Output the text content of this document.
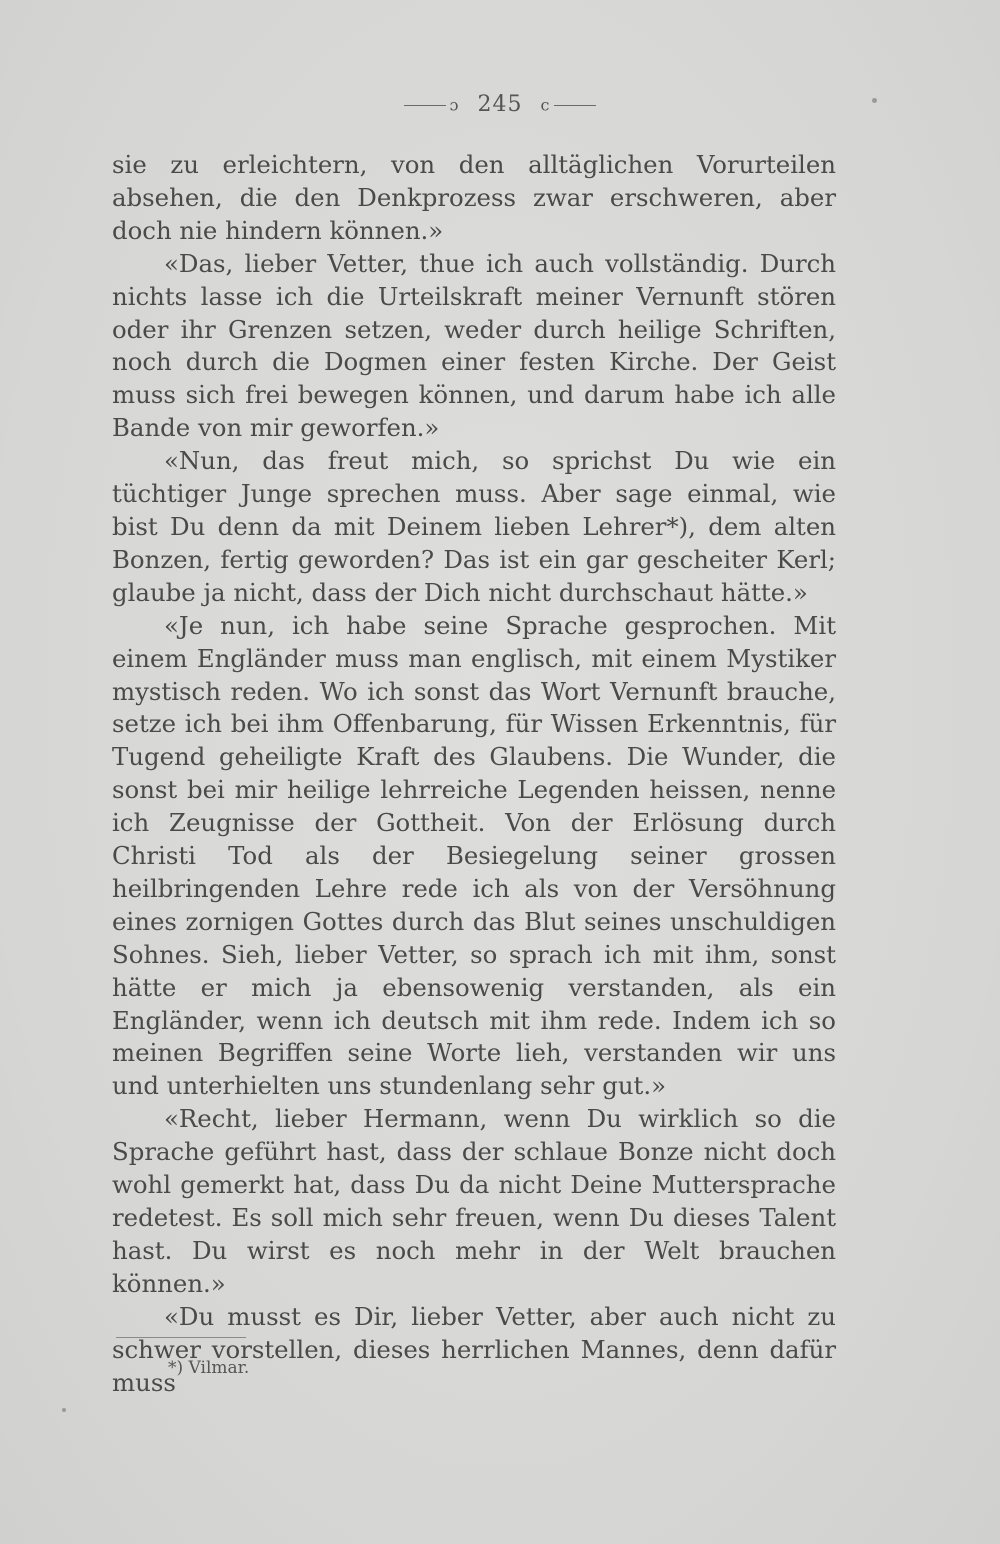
ɔ 245 c

sie zu erleichtern, von den alltäglichen Vorurteilen absehen, die den Denkprozess zwar erschweren, aber doch nie hindern können.»

«Das, lieber Vetter, thue ich auch vollständig. Durch nichts lasse ich die Urteilskraft meiner Vernunft stören oder ihr Grenzen setzen, weder durch heilige Schriften, noch durch die Dogmen einer festen Kirche. Der Geist muss sich frei bewegen können, und darum habe ich alle Bande von mir geworfen.»

«Nun, das freut mich, so sprichst Du wie ein tüchtiger Junge sprechen muss. Aber sage einmal, wie bist Du denn da mit Deinem lieben Lehrer*), dem alten Bonzen, fertig geworden? Das ist ein gar gescheiter Kerl; glaube ja nicht, dass der Dich nicht durchschaut hätte.»

«Je nun, ich habe seine Sprache gesprochen. Mit einem Engländer muss man englisch, mit einem Mystiker mystisch reden. Wo ich sonst das Wort Vernunft brauche, setze ich bei ihm Offenbarung, für Wissen Erkenntnis, für Tugend geheiligte Kraft des Glaubens. Die Wunder, die sonst bei mir heilige lehrreiche Legenden heissen, nenne ich Zeugnisse der Gottheit. Von der Erlösung durch Christi Tod als der Besiegelung seiner grossen heilbringenden Lehre rede ich als von der Versöhnung eines zornigen Gottes durch das Blut seines unschuldigen Sohnes. Sieh, lieber Vetter, so sprach ich mit ihm, sonst hätte er mich ja ebensowenig verstanden, als ein Engländer, wenn ich deutsch mit ihm rede. Indem ich so meinen Begriffen seine Worte lieh, verstanden wir uns und unterhielten uns stundenlang sehr gut.»

«Recht, lieber Hermann, wenn Du wirklich so die Sprache geführt hast, dass der schlaue Bonze nicht doch wohl gemerkt hat, dass Du da nicht Deine Muttersprache redetest. Es soll mich sehr freuen, wenn Du dieses Talent hast. Du wirst es noch mehr in der Welt brauchen können.»

«Du musst es Dir, lieber Vetter, aber auch nicht zu schwer vorstellen, dieses herrlichen Mannes, denn dafür muss

*) Vilmar.
